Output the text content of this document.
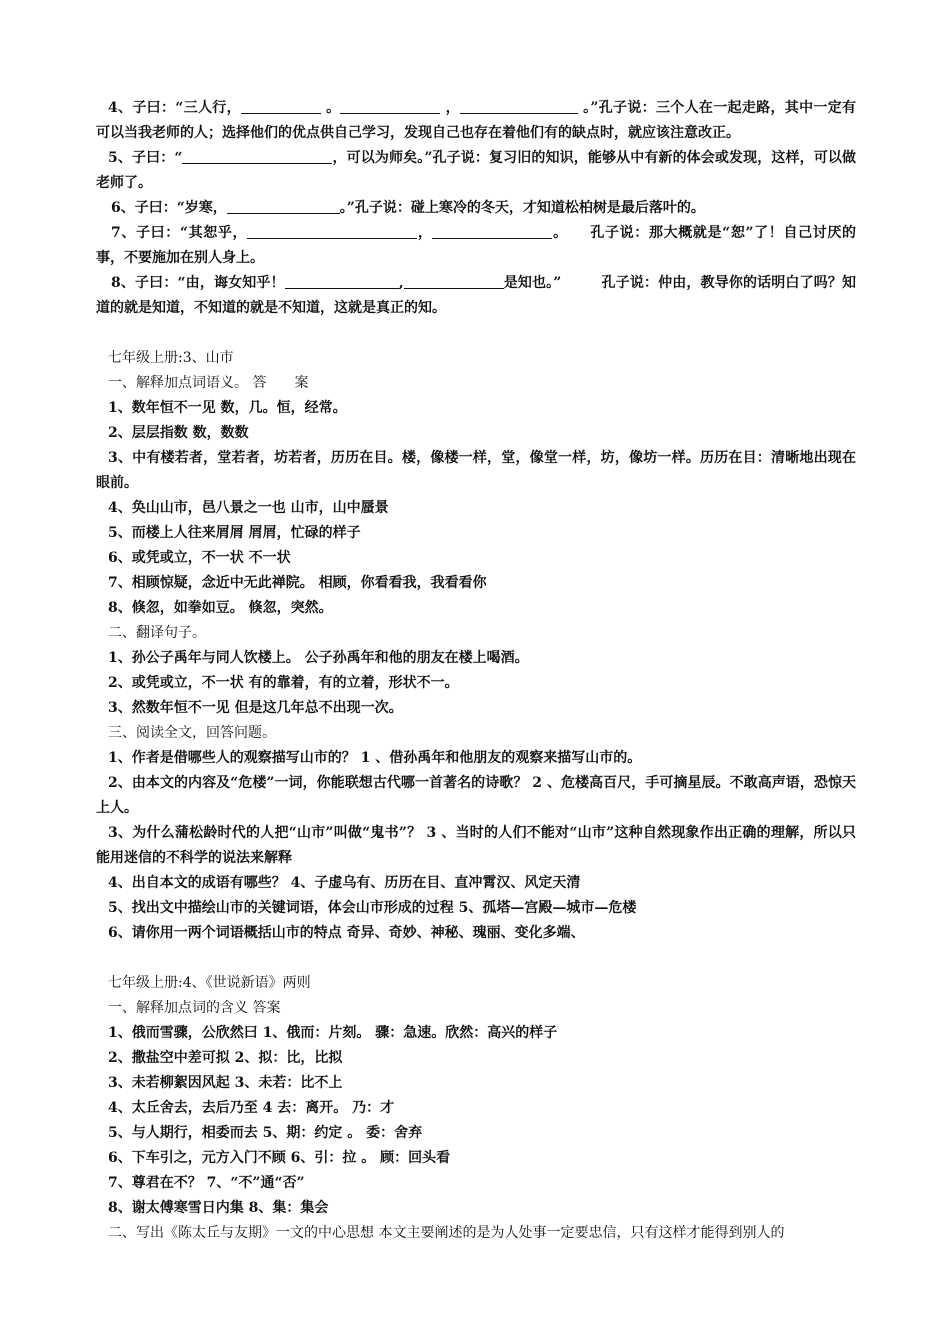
4、子曰：“三人行，	。	，	。”孔子说：三个人在一起走路，其中一定有可以当我老师的人；选择他们的优点供自己学习，发现自己也存在着他们有的缺点时，就应该注意改正。

5、子曰：“	，可以为师矣。”孔子说：复习旧的知识，能够从中有新的体会或发现，这样，可以做老师了。

6、子曰：“岁寒，	。”孔子说：碰上寒冷的冬天，才知道松柏树是最后落叶的。

7、子曰：“其恕乎，	，	。 孔子说：那大概就是“恕”了！自己讨厌的事，不要施加在别人身上。

8、子曰：“由，诲女知乎！	,	是知也。”	孔子说：仲由，教导你的话明白了吗？知道的就是知道，不知道的就是不知道，这就是真正的知。

七年级上册:3、山市

一、解释加点词语义。 答　　案

1、数年恒不一见 数，几。恒，经常。

2、层层指数 数，数数

3、中有楼若者，堂若者，坊若者，历历在目。楼，像楼一样，堂，像堂一样，坊，像坊一样。历历在目：清晰地出现在眼前。

4、奂山山市，邑八景之一也 山市，山中蜃景

5、而楼上人往来屑屑 屑屑，忙碌的样子

6、或凭或立，不一状 不一状

7、相顾惊疑，念近中无此禅院。 相顾，你看看我，我看看你

8、倏忽，如拳如豆。 倏忽，突然。

二、翻译句子。

1、孙公子禹年与同人饮楼上。 公子孙禹年和他的朋友在楼上喝酒。

2、或凭或立，不一状 有的靠着，有的立着，形状不一。

3、然数年恒不一见 但是这几年总不出现一次。

三、阅读全文，回答问题。

1、作者是借哪些人的观察描写山市的？ 1 、借孙禹年和他朋友的观察来描写山市的。

2、由本文的内容及“危楼”一词，你能联想古代哪一首著名的诗歌？ 2 、危楼高百尺，手可摘星辰。不敢高声语，恐惊天上人。

3、为什么蒲松龄时代的人把“山市”叫做“鬼书”？ 3 、当时的人们不能对“山市”这种自然现象作出正确的理解，所以只能用迷信的不科学的说法来解释

4、出自本文的成语有哪些？ 4、子虚乌有、历历在目、直冲霄汉、风定天清

5、找出文中描绘山市的关键词语，体会山市形成的过程 5、孤塔—宫殿—城市—危楼

6、请你用一两个词语概括山市的特点 奇异、奇妙、神秘、瑰丽、变化多端、

七年级上册:4、《世说新语》两则

一、解释加点词的含义 答案

1、俄而雪骤，公欣然曰 1、俄而：片刻。 骤：急速。欣然：高兴的样子

2、撒盐空中差可拟 2、拟：比，比拟

3、未若柳絮因风起 3、未若：比不上

4、太丘舍去，去后乃至 4 去：离开。 乃：才

5、与人期行，相委而去 5、期：约定 。 委：舍弃

6、下车引之，元方入门不顾 6、引：拉 。 顾：回头看

7、尊君在不？ 7、“不”通“否”

8、谢太傅寒雪日内集 8、集：集会

二、写出《陈太丘与友期》一文的中心思想 本文主要阐述的是为人处事一定要忠信，只有这样才能得到别人的
